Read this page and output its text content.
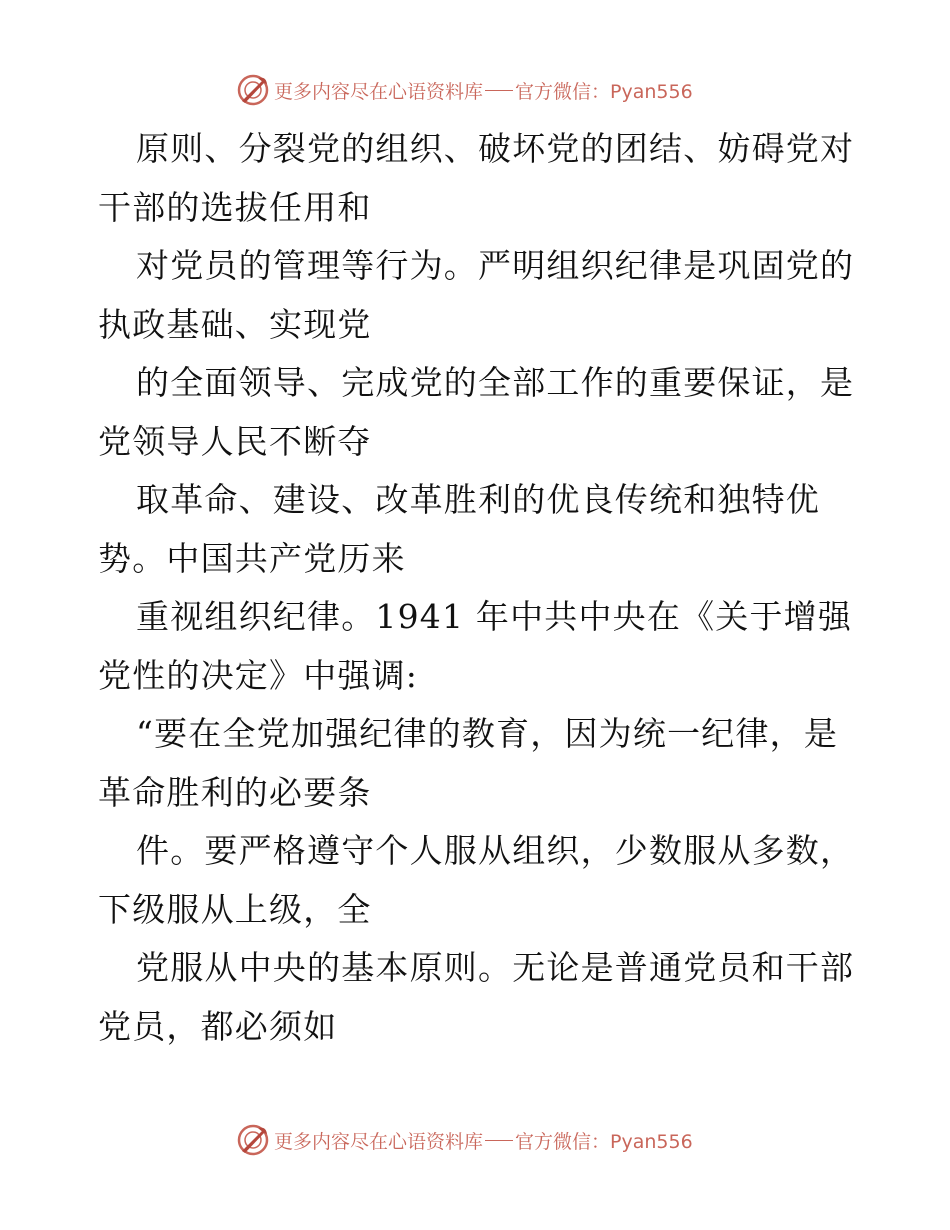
更多内容尽在心语资料库 官方微信：Pyan556
原则、分裂党的组织、破坏党的团结、妨碍党对
干部的选拔任用和
对党员的管理等行为。严明组织纪律是巩固党的
执政基础、实现党
的全面领导、完成党的全部工作的重要保证，是
党领导人民不断夺
取革命、建设、改革胜利的优良传统和独特优
势。中国共产党历来
重视组织纪律。1941 年中共中央在《关于增强
党性的决定》中强调:
“要在全党加强纪律的教育，因为统一纪律，是
革命胜利的必要条
件。要严格遵守个人服从组织，少数服从多数，
下级服从上级，全
党服从中央的基本原则。无论是普通党员和干部
党员，都必须如
更多内容尽在心语资料库 官方微信：Pyan556
